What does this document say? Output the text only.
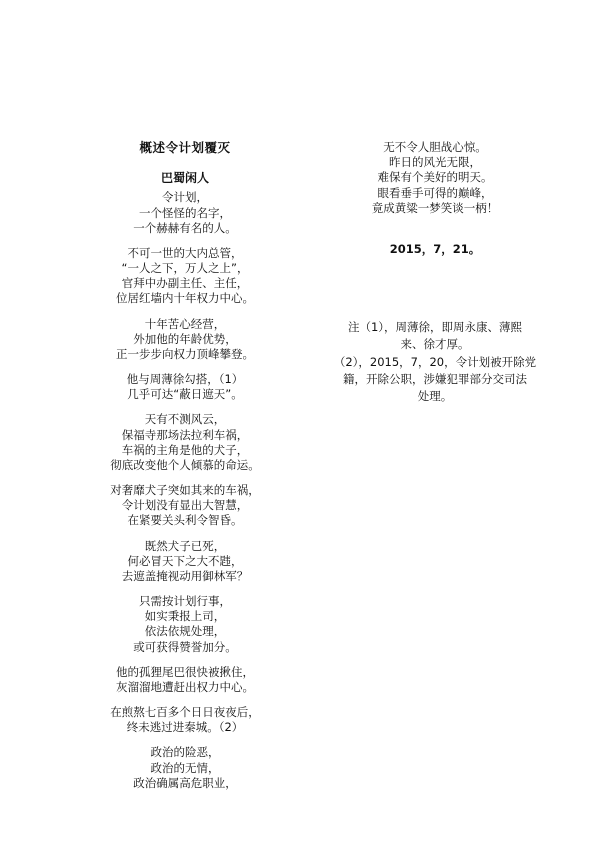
概述令计划覆灭
巴蜀闲人
令计划，
一个怪怪的名字，
一个赫赫有名的人。
不可一世的大内总管，
“一人之下，万人之上”，
官拜中办副主任、主任，
位居红墙内十年权力中心。
十年苦心经营，
外加他的年龄优势，
正一步步向权力顶峰攀登。
他与周薄徐勾搭，（1）
几乎可达“蔽日遮天”。
天有不测风云，
保福寺那场法拉利车祸，
车祸的主角是他的犬子，
彻底改变他个人倾慕的命运。
对奢靡犬子突如其来的车祸，
令计划没有显出大智慧，
在紧要关头利令智昏。
既然犬子已死，
何必冒天下之大不韪，
去遮盖掩视动用御林军？
只需按计划行事，
如实秉报上司，
依法依规处理，
或可获得赞誉加分。
他的孤狸尾巴很快被揪住，
灰溜溜地遭赶出权力中心。
在煎熬七百多个日日夜夜后，
终未逃过进秦城。（2）
政治的险恶，
政治的无情，
政治确属高危职业，
无不令人胆战心惊。
昨日的风光无限，
难保有个美好的明天。
眼看垂手可得的巅峰，
竟成黄粱一梦笑谈一柄！
2015，7，21。
注（1），周薄徐，即周永康、薄熙
来、徐才厚。
（2），2015，7，20，令计划被开除党
籍，开除公职，涉嫌犯罪部分交司法
处理。
